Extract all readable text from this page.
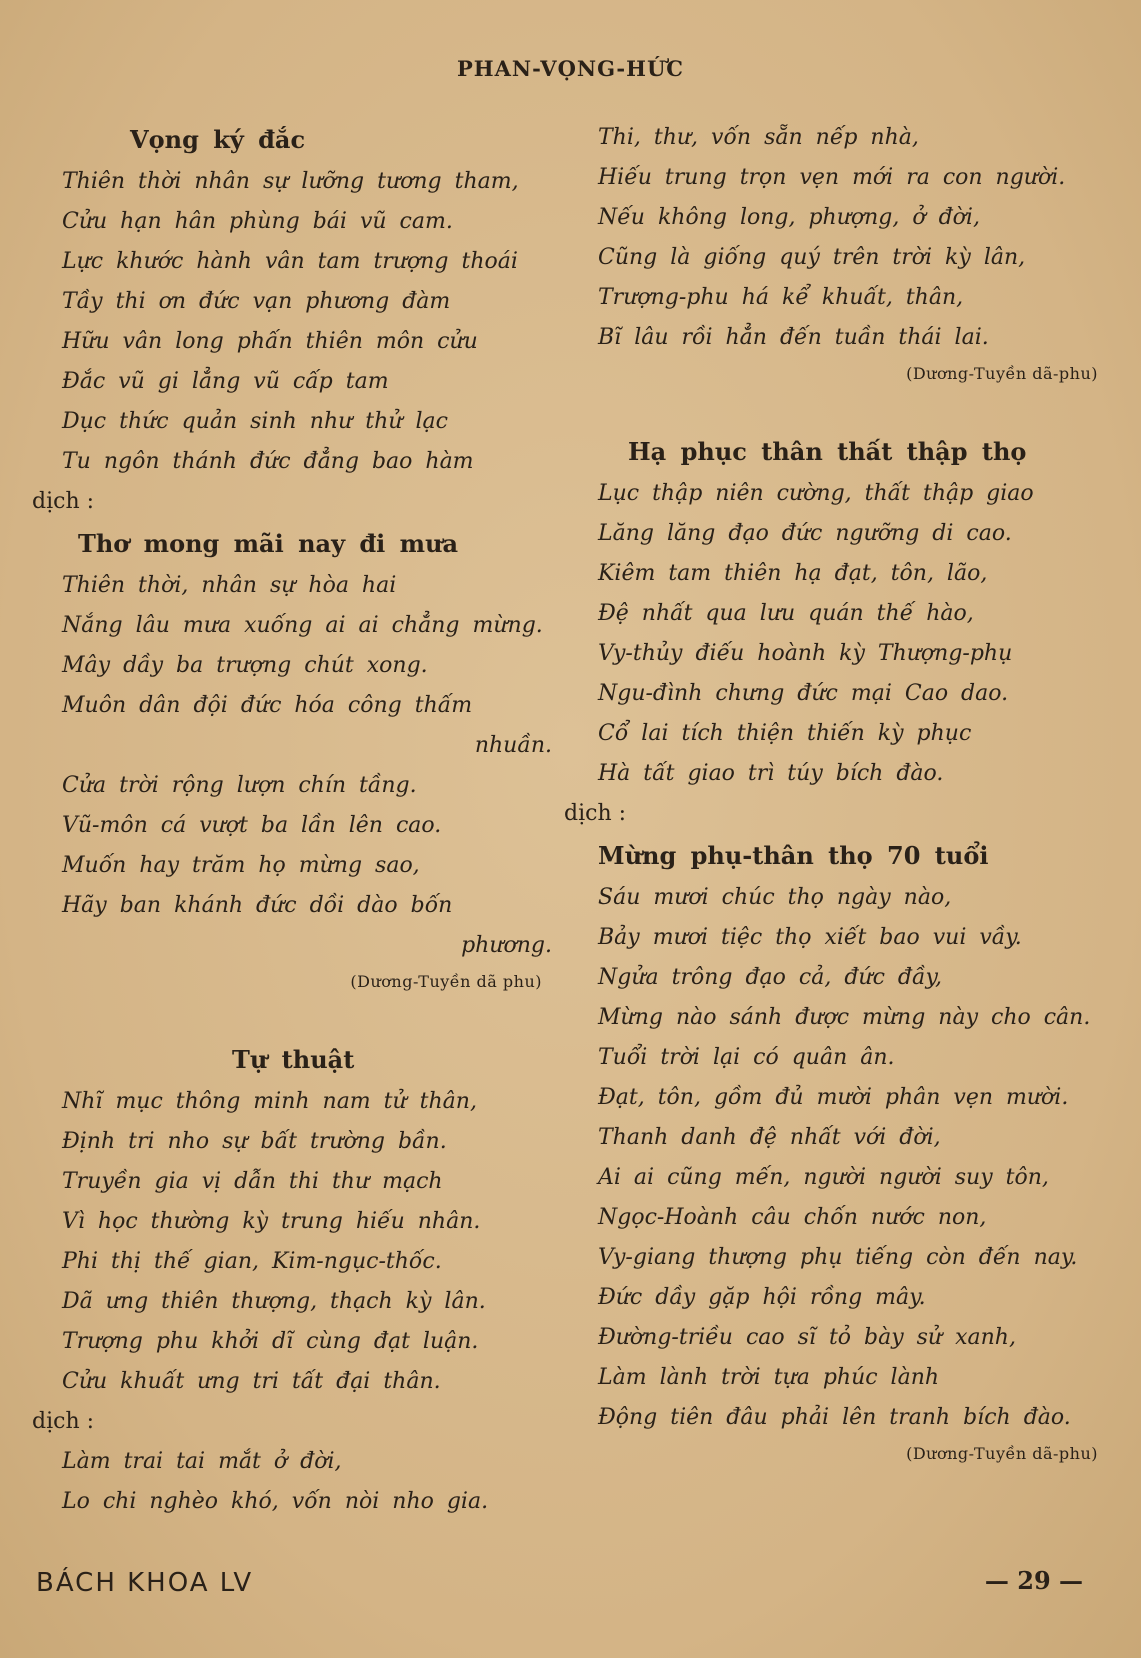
PHAN-VỌNG-HỨC
Vọng ký đắc
Thiên thời nhân sự lưỡng tương tham,
Cửu hạn hân phùng bái vũ cam.
Lực khước hành vân tam trượng thoái
Tầy thi ơn đức vạn phương đàm
Hữu vân long phấn thiên môn cửu
Đắc vũ gi lẳng vũ cấp tam
Dục thức quản sinh như thử lạc
Tu ngôn thánh đức đẳng bao hàm
dịch :
Thơ mong mãi nay đi mưa
Thiên thời, nhân sự hòa hai
Nắng lâu mưa xuống ai ai chẳng mừng.
Mây dầy ba trượng chút xong.
Muôn dân đội đức hóa công thấm
nhuần.
Cửa trời rộng lượn chín tầng.
Vũ-môn cá vượt ba lần lên cao.
Muốn hay trăm họ mừng sao,
Hãy ban khánh đức dồi dào bốn
phương.
(Dương-Tuyền dã phu)
Tự thuật
Nhĩ mục thông minh nam tử thân,
Định tri nho sự bất trường bần.
Truyền gia vị dẫn thi thư mạch
Vì học thường kỳ trung hiếu nhân.
Phi thị thế gian, Kim-ngục-thốc.
Dã ưng thiên thượng, thạch kỳ lân.
Trượng phu khởi dĩ cùng đạt luận.
Cửu khuất ưng tri tất đại thân.
dịch :
Làm trai tai mắt ở đời,
Lo chi nghèo khó, vốn nòi nho gia.
Thi, thư, vốn sẵn nếp nhà,
Hiếu trung trọn vẹn mới ra con người.
Nếu không long, phượng, ở đời,
Cũng là giống quý trên trời kỳ lân,
Trượng-phu há kể khuất, thân,
Bĩ lâu rồi hẳn đến tuần thái lai.
(Dương-Tuyền dã-phu)
Hạ phục thân thất thập thọ
Lục thập niên cường, thất thập giao
Lăng lăng đạo đức ngưỡng di cao.
Kiêm tam thiên hạ đạt, tôn, lão,
Đệ nhất qua lưu quán thế hào,
Vy-thủy điếu hoành kỳ Thượng-phụ
Ngu-đình chưng đức mại Cao dao.
Cổ lai tích thiện thiến kỳ phục
Hà tất giao trì túy bích đào.
dịch :
Mừng phụ-thân thọ 70 tuổi
Sáu mươi chúc thọ ngày nào,
Bảy mươi tiệc thọ xiết bao vui vầy.
Ngửa trông đạo cả, đức đầy,
Mừng nào sánh được mừng này cho cân.
Tuổi trời lại có quân ân.
Đạt, tôn, gồm đủ mười phân vẹn mười.
Thanh danh đệ nhất với đời,
Ai ai cũng mến, người người suy tôn,
Ngọc-Hoành câu chốn nước non,
Vy-giang thượng phụ tiếng còn đến nay.
Đức dầy gặp hội rồng mây.
Đường-triều cao sĩ tỏ bày sử xanh,
Làm lành trời tựa phúc lành
Động tiên đâu phải lên tranh bích đào.
(Dương-Tuyền dã-phu)
BÁCH KHOA LV	— 29 —
